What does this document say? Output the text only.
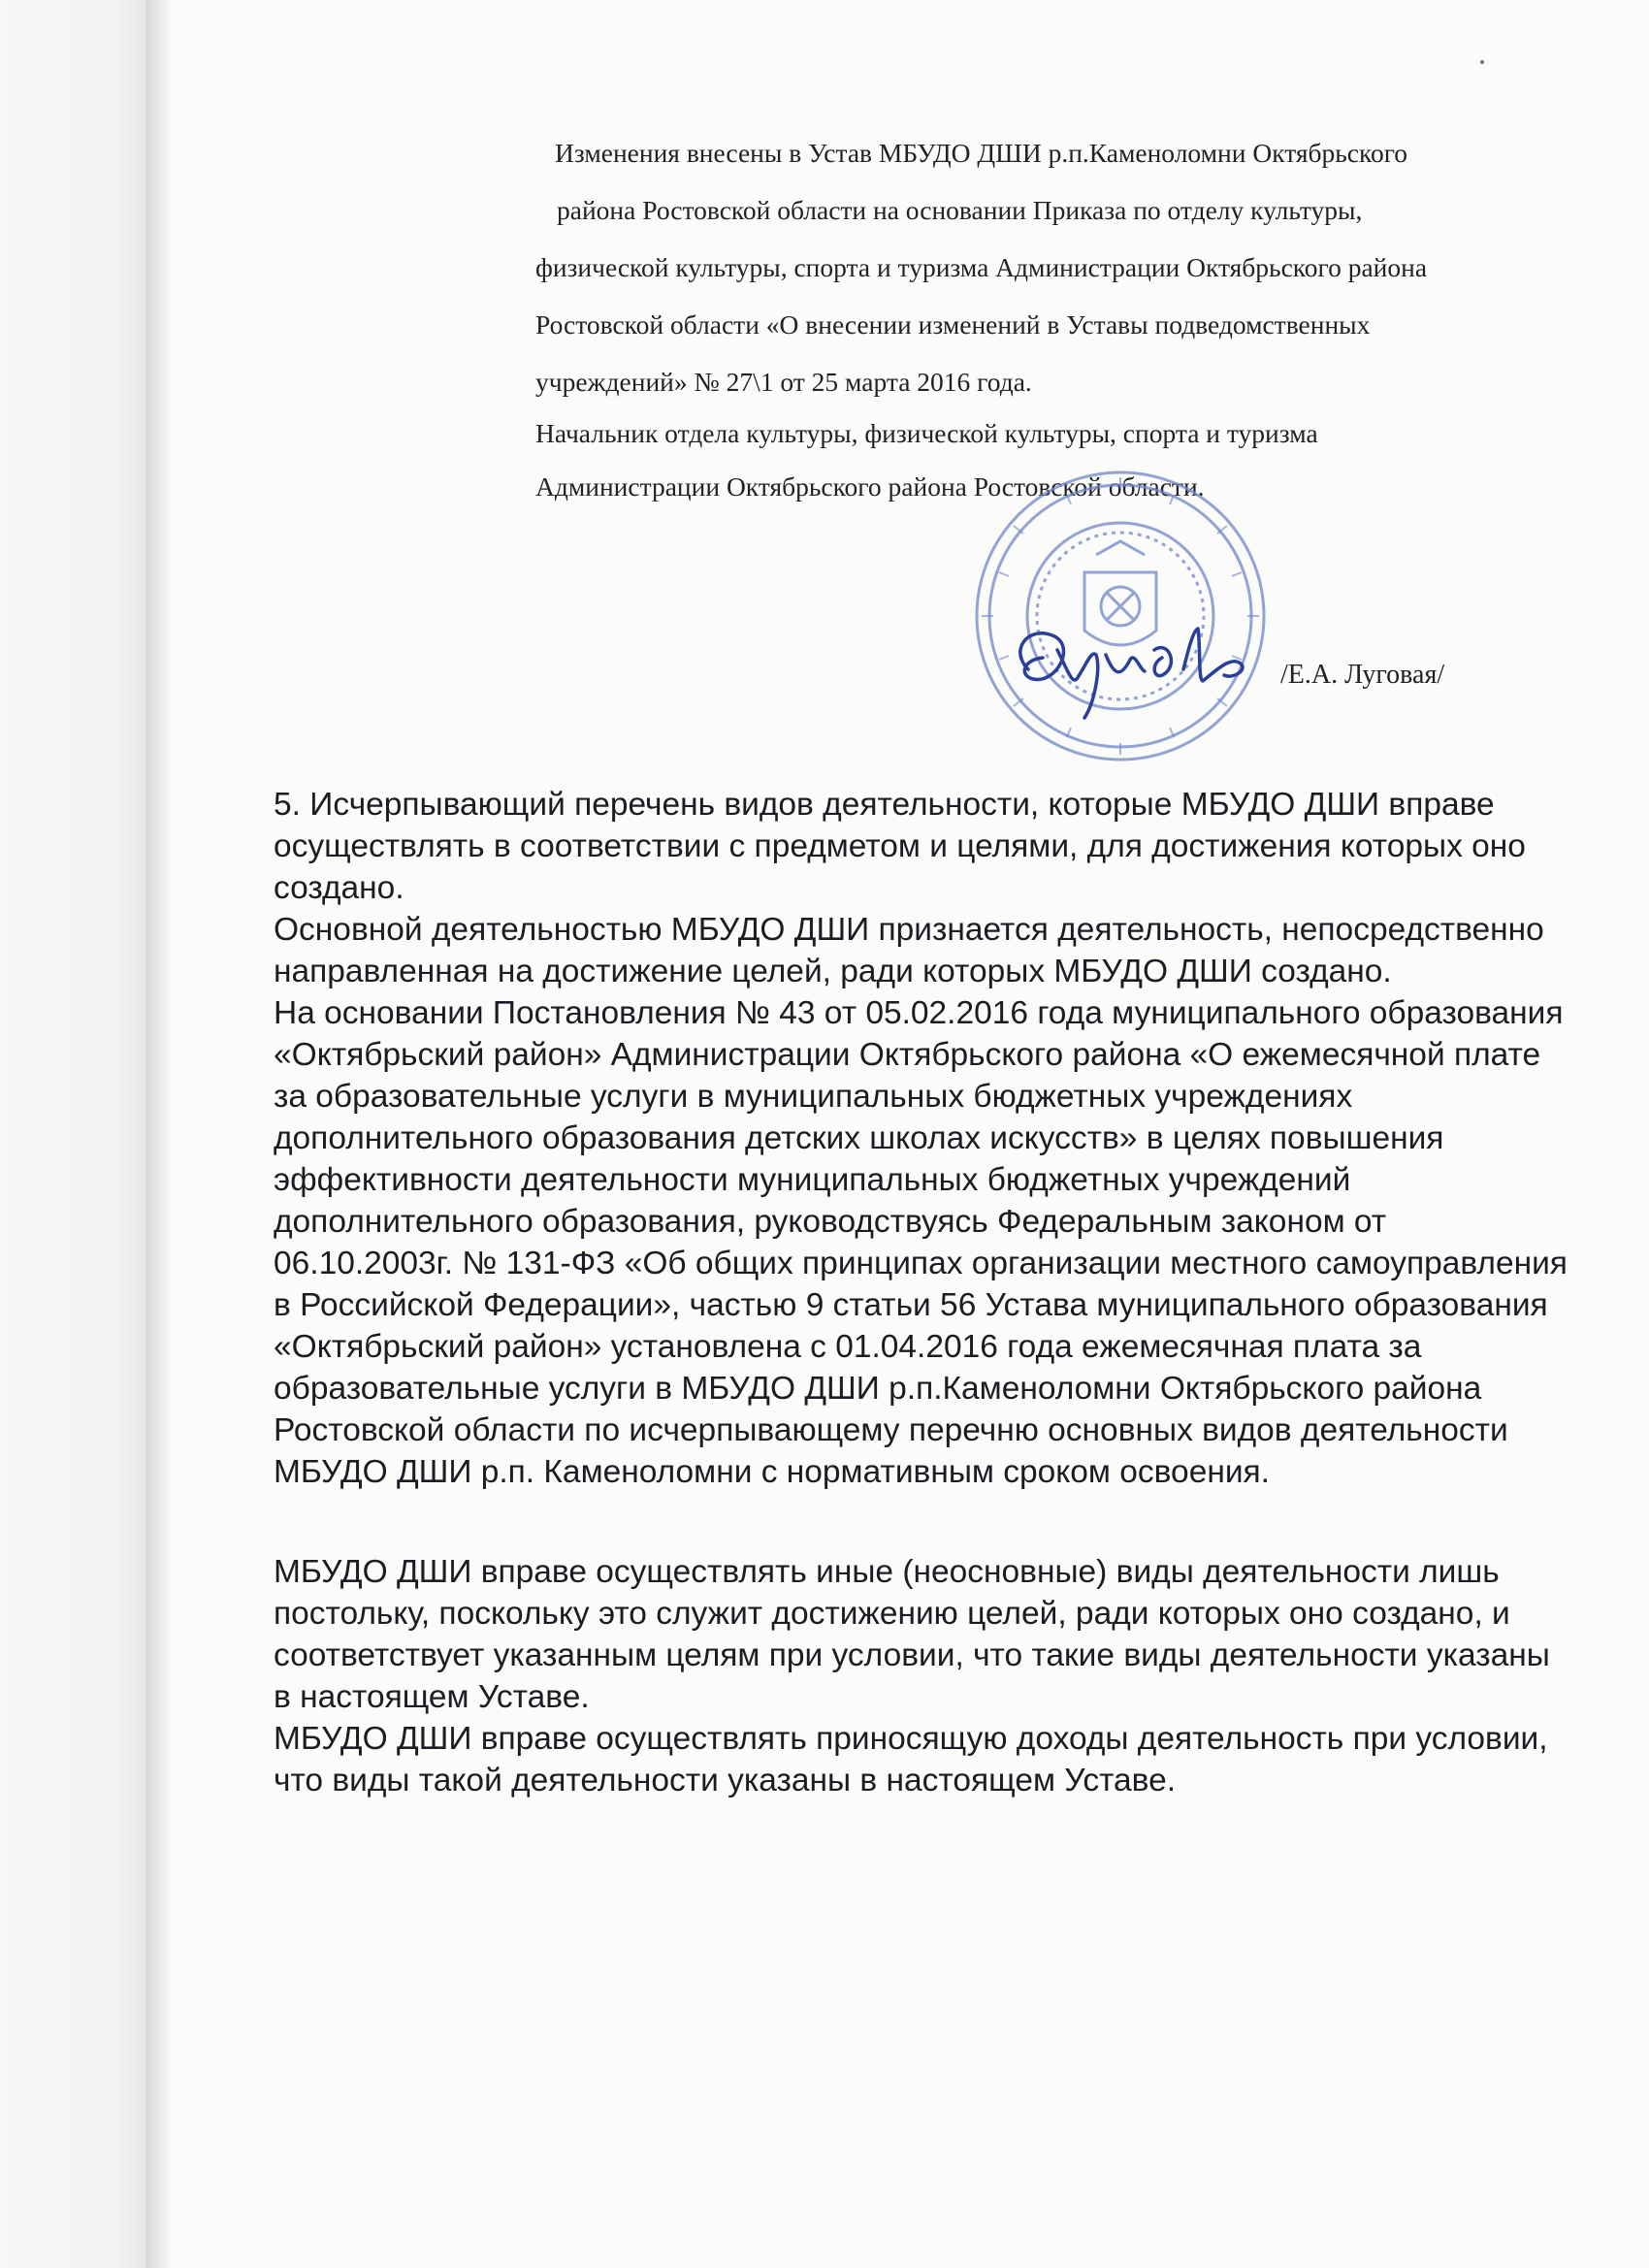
Изменения внесены в Устав МБУДО ДШИ р.п.Каменоломни Октябрьского
района Ростовской области на основании Приказа по отделу культуры,
физической культуры, спорта и туризма Администрации Октябрьского района
Ростовской области «О внесении изменений в Уставы подведомственных
учреждений» № 27\1 от 25 марта 2016 года.
Начальник отдела культуры, физической культуры, спорта и туризма
Администрации Октябрьского района Ростовской области.
/Е.А. Луговая/

5. Исчерпывающий перечень видов деятельности, которые МБУДО ДШИ вправе осуществлять в соответствии с предметом и целями, для достижения которых оно создано.

Основной деятельностью МБУДО ДШИ признается деятельность, непосредственно направленная на достижение целей, ради которых МБУДО ДШИ создано.

На основании Постановления № 43 от 05.02.2016 года муниципального образования «Октябрьский район» Администрации Октябрьского района «О ежемесячной плате за образовательные услуги в муниципальных бюджетных учреждениях дополнительного образования детских школах искусств» в целях повышения эффективности деятельности муниципальных бюджетных учреждений дополнительного образования, руководствуясь Федеральным законом от 06.10.2003г. № 131-ФЗ «Об общих принципах организации местного самоуправления в Российской Федерации», частью 9 статьи 56 Устава муниципального образования «Октябрьский район» установлена с 01.04.2016 года ежемесячная плата за образовательные услуги в МБУДО ДШИ р.п.Каменоломни Октябрьского района Ростовской области по исчерпывающему перечню основных видов деятельности МБУДО ДШИ р.п. Каменоломни с нормативным сроком освоения.

МБУДО ДШИ вправе осуществлять иные (неосновные) виды деятельности лишь постольку, поскольку это служит достижению целей, ради которых оно создано, и соответствует указанным целям при условии, что такие виды деятельности указаны в настоящем Уставе.

МБУДО ДШИ вправе осуществлять приносящую доходы деятельность при условии, что виды такой деятельности указаны в настоящем Уставе.
